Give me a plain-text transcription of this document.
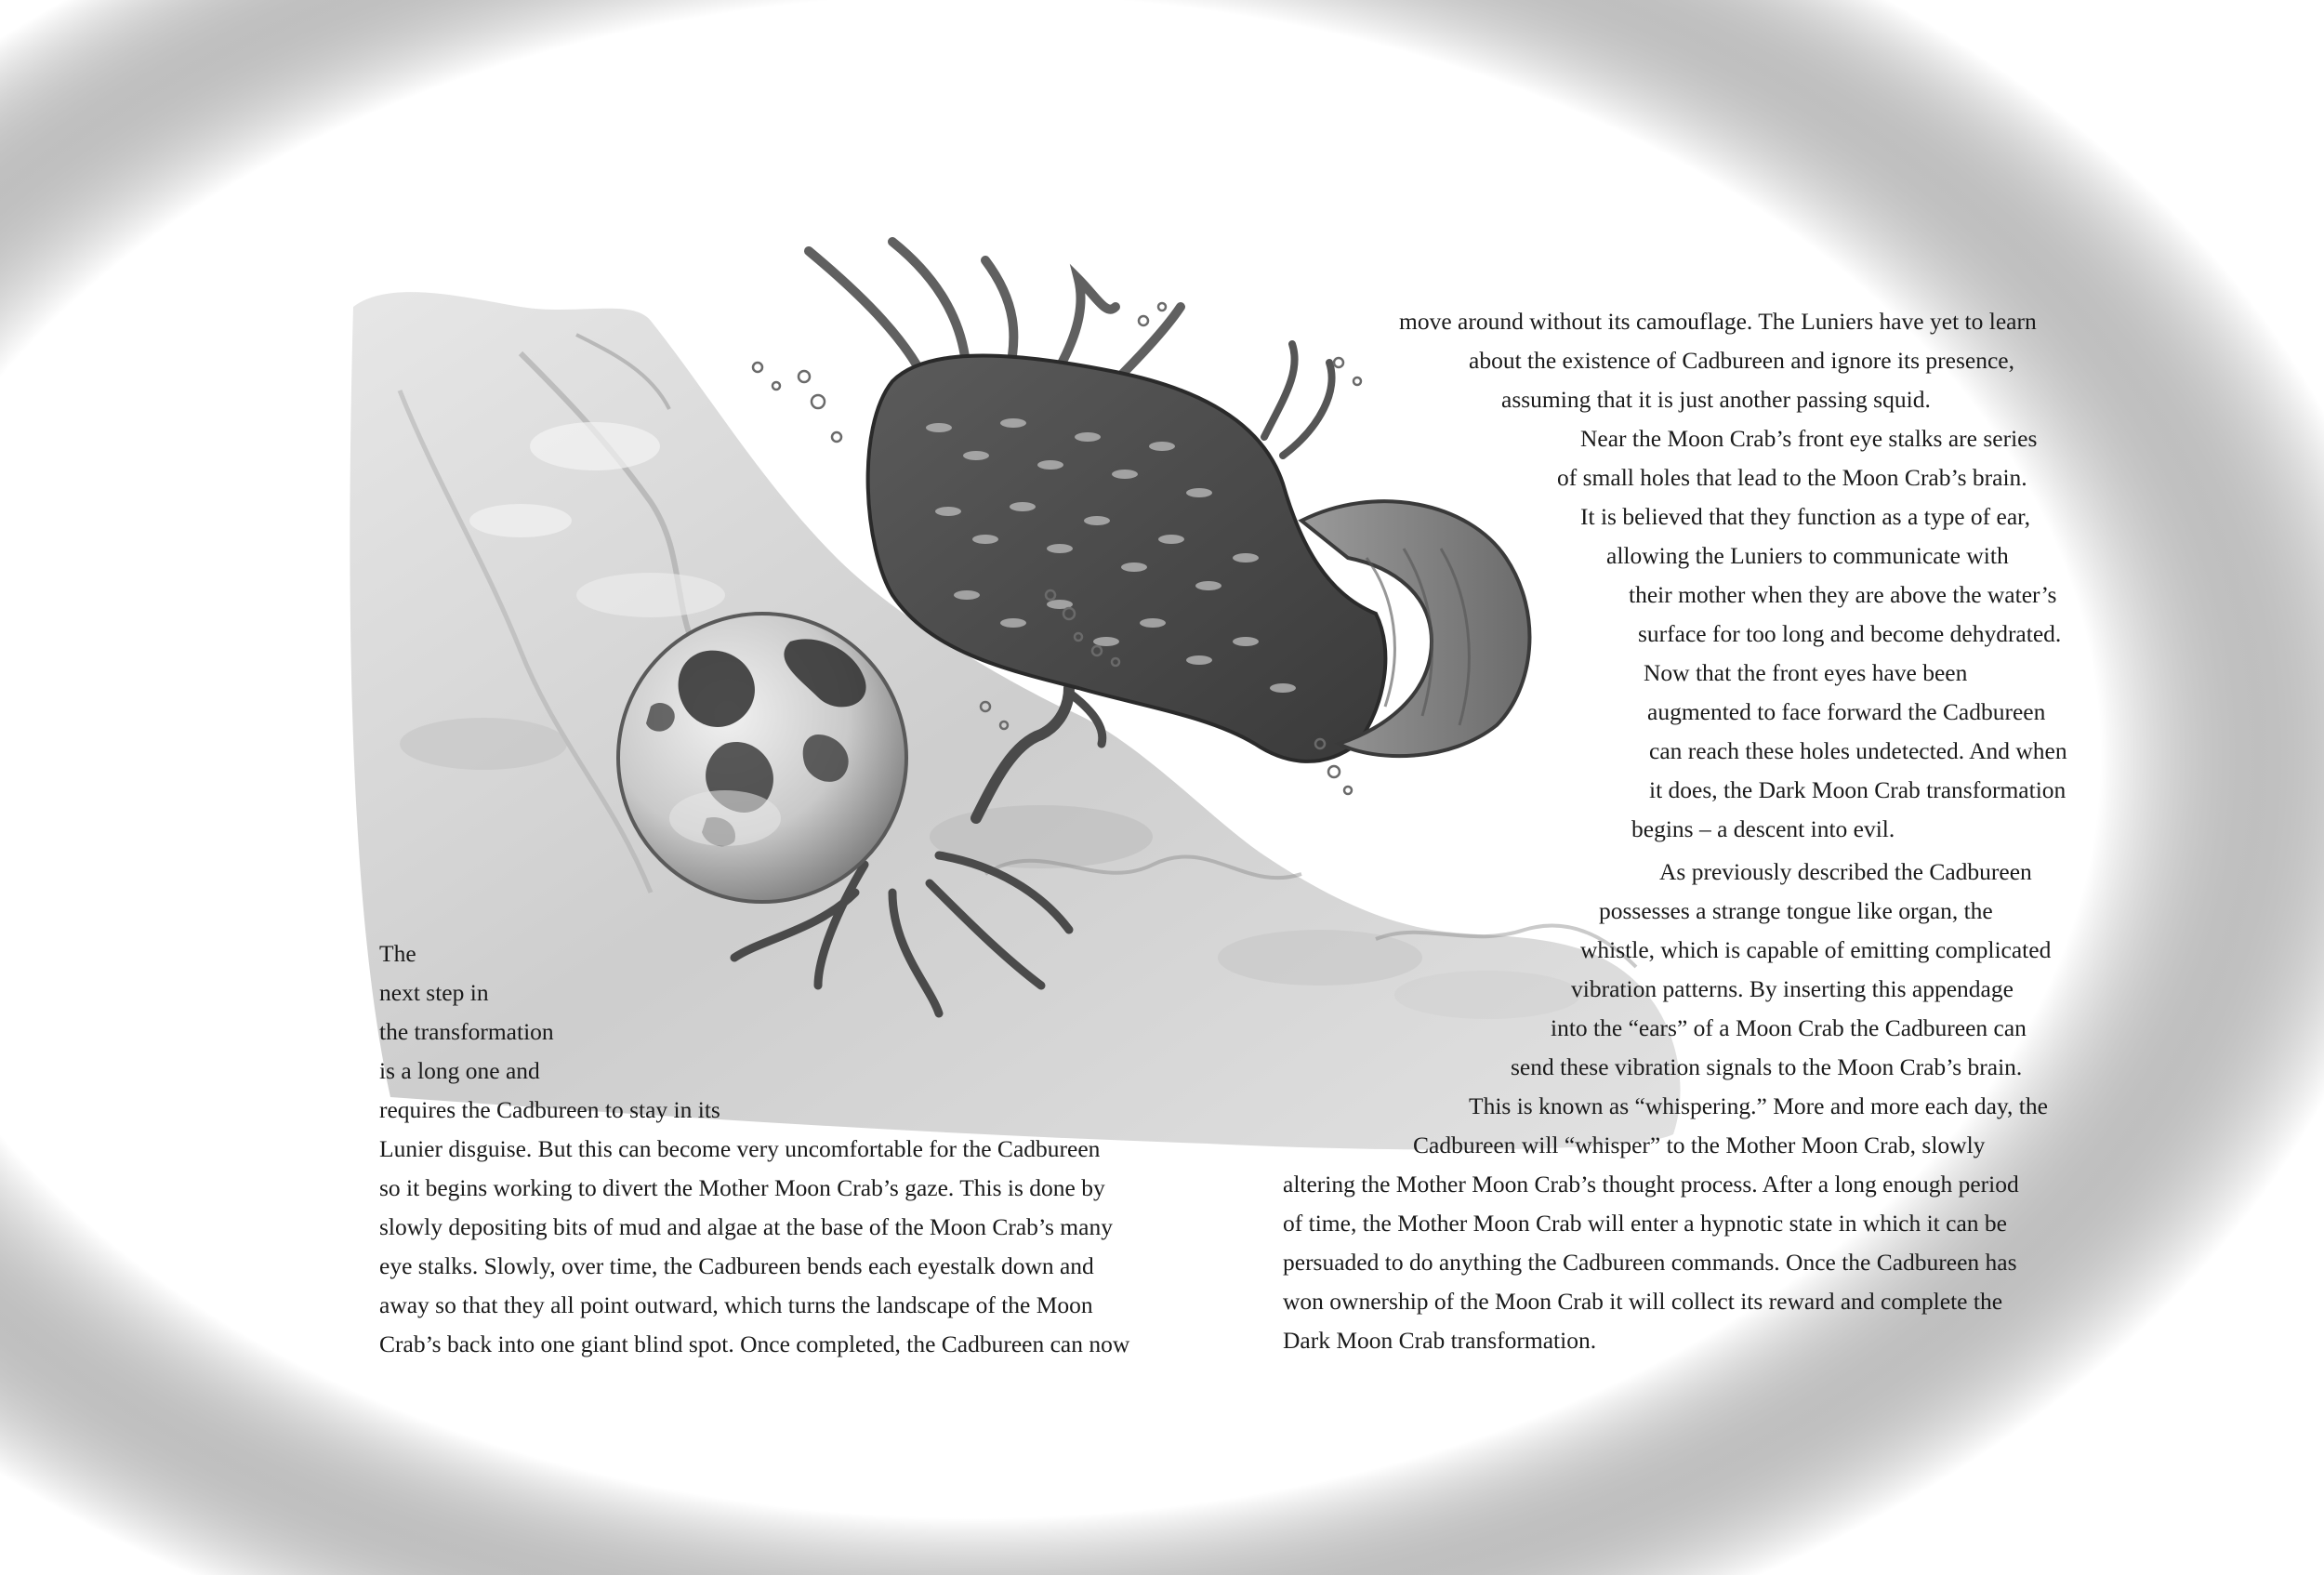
The
next step in
the transformation
is a long one and
requires the Cadbureen to stay in its
Lunier disguise. But this can become very uncomfortable for the Cadbureen
so it begins working to divert the Mother Moon Crab’s gaze. This is done by
slowly depositing bits of mud and algae at the base of the Moon Crab’s many
eye stalks. Slowly, over time, the Cadbureen bends each eyestalk down and
away so that they all point outward, which turns the landscape of the Moon
Crab’s back into one giant blind spot. Once completed, the Cadbureen can now
move around without its camouflage. The Luniers have yet to learn
about the existence of Cadbureen and ignore its presence,
assuming that it is just another passing squid.
Near the Moon Crab’s front eye stalks are series
of small holes that lead to the Moon Crab’s brain.
It is believed that they function as a type of ear,
allowing the Luniers to communicate with
their mother when they are above the water’s
surface for too long and become dehydrated.
Now that the front eyes have been
augmented to face forward the Cadbureen
can reach these holes undetected. And when
it does, the Dark Moon Crab transformation
begins – a descent into evil.
As previously described the Cadbureen
possesses a strange tongue like organ, the
whistle, which is capable of emitting complicated
vibration patterns. By inserting this appendage
into the “ears” of a Moon Crab the Cadbureen can
send these vibration signals to the Moon Crab’s brain.
This is known as “whispering.” More and more each day, the
Cadbureen will “whisper” to the Mother Moon Crab, slowly
altering the Mother Moon Crab’s thought process. After a long enough period
of time, the Mother Moon Crab will enter a hypnotic state in which it can be
persuaded to do anything the Cadbureen commands. Once the Cadbureen has
won ownership of the Moon Crab it will collect its reward and complete the
Dark Moon Crab transformation.
